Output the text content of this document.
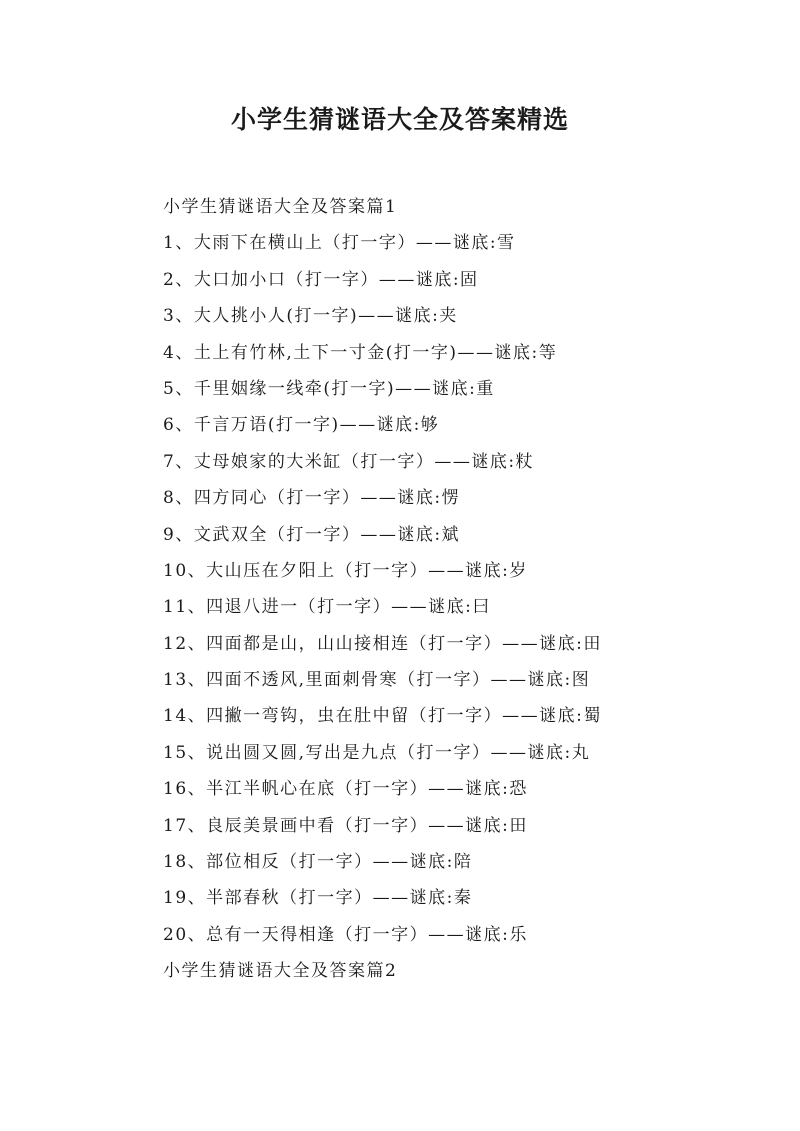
小学生猜谜语大全及答案精选
小学生猜谜语大全及答案篇1
1、大雨下在横山上（打一字）——谜底:雪
2、大口加小口（打一字）——谜底:固
3、大人挑小人(打一字)——谜底:夹
4、土上有竹林,土下一寸金(打一字)——谜底:等
5、千里姻缘一线牵(打一字)——谜底:重
6、千言万语(打一字)——谜底:够
7、丈母娘家的大米缸（打一字）——谜底:粀
8、四方同心（打一字）——谜底:愣
9、文武双全（打一字）——谜底:斌
10、大山压在夕阳上（打一字）——谜底:岁
11、四退八进一（打一字）——谜底:曰
12、四面都是山，山山接相连（打一字）——谜底:田
13、四面不透风,里面刺骨寒（打一字）——谜底:图
14、四撇一弯钩，虫在肚中留（打一字）——谜底:蜀
15、说出圆又圆,写出是九点（打一字）——谜底:丸
16、半江半帆心在底（打一字）——谜底:恐
17、良辰美景画中看（打一字）——谜底:田
18、部位相反（打一字）——谜底:陪
19、半部春秋（打一字）——谜底:秦
20、总有一天得相逢（打一字）——谜底:乐
小学生猜谜语大全及答案篇2
